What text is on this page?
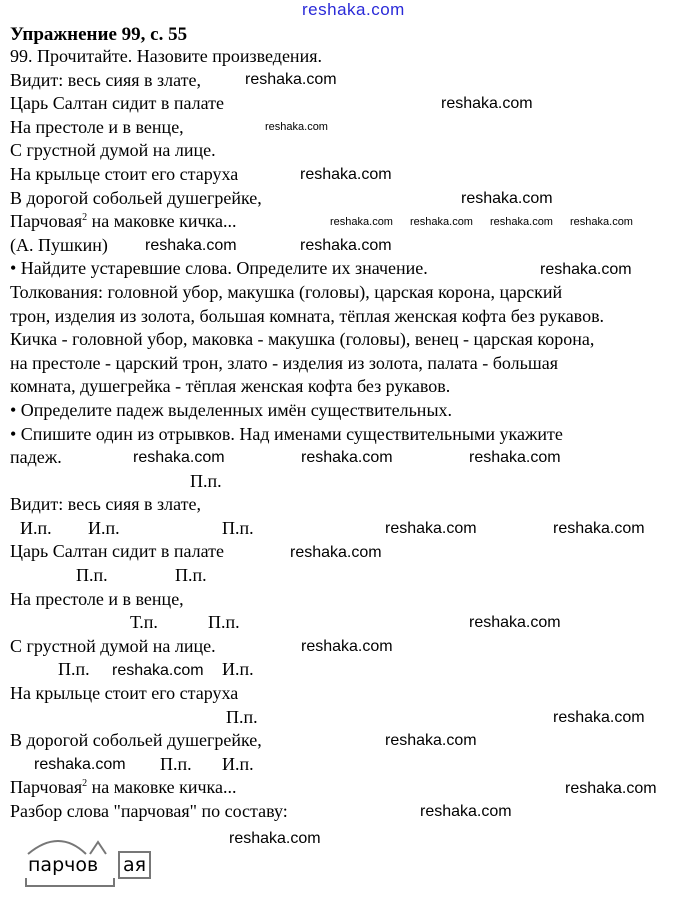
reshaka.com
Упражнение 99, с. 55
99. Прочитайте. Назовите произведения.
Видит: весь сияя в злате,
Царь Салтан сидит в палате
На престоле и в венце,
С грустной думой на лице.
На крыльце стоит его старуха
В дорогой собольей душегрейке,
Парчовая$^2$ на маковке кичка...
(А. Пушкин)
• Найдите устаревшие слова. Определите их значение.
Толкования: головной убор, макушка (головы), царская корона, царский
трон, изделия из золота, большая комната, тёплая женская кофта без рукавов.
Кичка - головной убор, маковка - макушка (головы), венец - царская корона,
на престоле - царский трон, злато - изделия из золота, палата - большая
комната, душегрейка - тёплая женская кофта без рукавов.
• Определите падеж выделенных имён существительных.
• Спишите один из отрывков. Над именами существительными укажите
падеж.
П.п.
Видит: весь сияя в злате,
И.п. И.п.	П.п.
Царь Салтан сидит в палате
П.п.	П.п.
На престоле и в венце,
Т.п.	П.п.
С грустной думой на лице.
П.п.	И.п.
На крыльце стоит его старуха
П.п.
В дорогой собольей душегрейке,
П.п. И.п.
Парчовая$^2$ на маковке кичка...
Разбор слова "парчовая" по составу:
парчов ая
reshaka.com
reshaka.com
reshaka.com
reshaka.com
reshaka.com
reshaka.com reshaka.com reshaka.com reshaka.com
reshaka.com	reshaka.com
reshaka.com
reshaka.com	reshaka.com	reshaka.com
reshaka.com	reshaka.com
reshaka.com
reshaka.com
reshaka.com
reshaka.com
reshaka.com
reshaka.com
reshaka.com
reshaka.com
reshaka.com
reshaka.com
